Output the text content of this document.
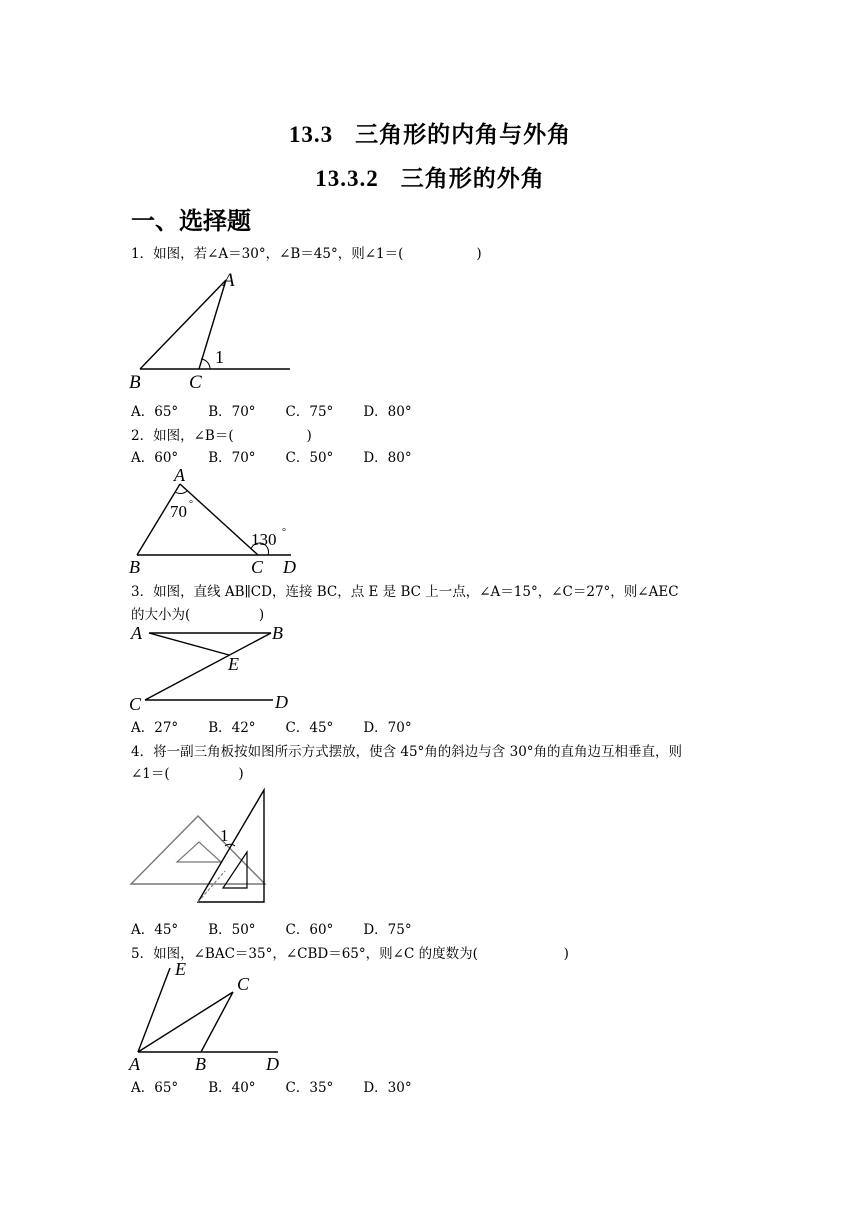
13.3 三角形的内角与外角
13.3.2 三角形的外角
一、选择题
1．如图，若∠A＝30°，∠B＝45°，则∠1＝(                 )
A
B	C
1
A．65° B．70° C．75° D．80°
2．如图，∠B＝(                 )
A．60° B．70° C．50° D．80°
A
B	C D
70 °
130 °
3．如图，直线 AB∥CD，连接 BC，点 E 是 BC 上一点，∠A＝15°，∠C＝27°，则∠AEC
的大小为(                )
A	B
E
C	D
A．27° B．42° C．45° D．70°
4．将一副三角板按如图所示方式摆放，使含 45°角的斜边与含 30°角的直角边互相垂直，则
∠1＝(                )
1
A．45° B．50° C．60° D．75°
5．如图，∠BAC＝35°，∠CBD＝65°，则∠C 的度数为(                    )
E
C
A	B	D
A．65° B．40° C．35° D．30°
